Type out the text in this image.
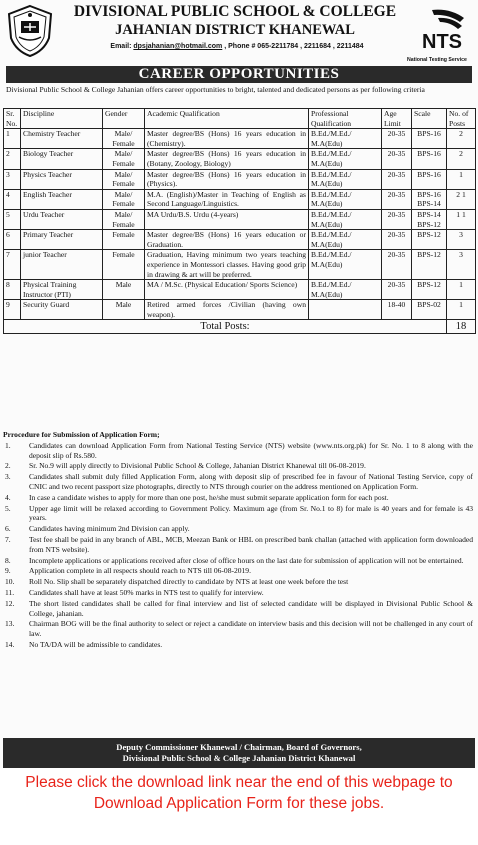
DIVISIONAL PUBLIC SCHOOL & COLLEGE
JAHANIAN DISTRICT KHANEWAL
Email: dpsjahanian@hotmail.com , Phone # 065-2211784 , 2211684 , 2211484	NTS
National Testing Service
CAREER OPPORTUNITIES
Divisional Public School & College Jahanian offers career opportunities to bright, talented and dedicated persons as per following criteria
Sr. No.	Discipline	Gender	Academic Qualification	Professional Qualification	Age Limit	Scale	No. of Posts
1	Chemistry Teacher	Male/ Female	Master degree/BS (Hons) 16 years education in (Chemistry).	B.Ed./M.Ed./ M.A(Edu)	20-35	BPS-16	2
2	Biology Teacher	Male/ Female	Master degree/BS (Hons) 16 years education in (Botany, Zoology, Biology)	B.Ed./M.Ed./ M.A(Edu)	20-35	BPS-16	2
3	Physics Teacher	Male/ Female	Master degree/BS (Hons) 16 years education in (Physics).	B.Ed./M.Ed./ M.A(Edu)	20-35	BPS-16	1
4	English Teacher	Male/ Female	M.A. (English)/Master in Teaching of English as Second Language/Linguistics.	B.Ed./M.Ed./ M.A(Edu)	20-35	BPS-16 BPS-14	2 1
5	Urdu Teacher	Male/ Female	MA Urdu/B.S. Urdu (4-years)	B.Ed./M.Ed./ M.A(Edu)	20-35	BPS-14 BPS-12	1 1
6	Primary Teacher	Female	Master degree/BS (Hons) 16 years education or Graduation.	B.Ed./M.Ed./ M.A(Edu)	20-35	BPS-12	3
7	junior Teacher	Female	Graduation, Having minimum two years teaching experience in Montessori classes. Having good grip in drawing & art will be preferred.	B.Ed./M.Ed./ M.A(Edu)	20-35	BPS-12	3
8	Physical Training Instructor (PTI)	Male	MA / M.Sc. (Physical Education/ Sports Science)	B.Ed./M.Ed./ M.A(Edu)	20-35	BPS-12	1
9	Security Guard	Male	Retired armed forces /Civilian (having own weapon).		18-40	BPS-02	1
Total Posts:							18
Prrocedure for Submission of Application Form;
1. Candidates can download Application Form from National Testing Service (NTS) website (www.nts.org.pk) for Sr. No. 1 to 8 along with the deposit slip of Rs.580.
2. Sr. No.9 will apply directly to Divisional Public School & College, Jahanian District Khanewal till 06-08-2019.
3. Candidates shall submit duly filled Application Form, along with deposit slip of prescribed fee in favour of National Testing Service, copy of CNIC and two recent passport size photographs, directly to NTS through courier on the address mentioned on Application Form.
4. In case a candidate wishes to apply for more than one post, he/she must submit separate application form for each post.
5. Upper age limit will be relaxed according to Government Policy. Maximum age (from Sr. No.1 to 8) for male is 40 years and for female is 43 years.
6. Candidates having minimum 2nd Division can apply.
7. Test fee shall be paid in any branch of ABL, MCB, Meezan Bank or HBL on prescribed bank challan (attached with application form downloaded from NTS website).
8. Incomplete applications or applications received after close of office hours on the last date for submission of application will not be entertained.
9. Application complete in all respects should reach to NTS till 06-08-2019.
10. Roll No. Slip shall be separately dispatched directly to candidate by NTS at least one week before the test
11. Candidates shall have at least 50% marks in NTS test to qualify for interview.
12. The short listed candidates shall be called for final interview and list of selected candidate will be displayed in Divisional Public School & College, jahanian.
13. Chairman BOG will be the final authority to select or reject a candidate on interview basis and this decision will not be challenged in any court of law.
14. No TA/DA will be admissible to candidates.
Deputy Commissioner Khanewal / Chairman, Board of Governors,
Divisional Public School & College Jahanian District Khanewal
Please click the download link near the end of this webpage to Download Application Form for these jobs.
